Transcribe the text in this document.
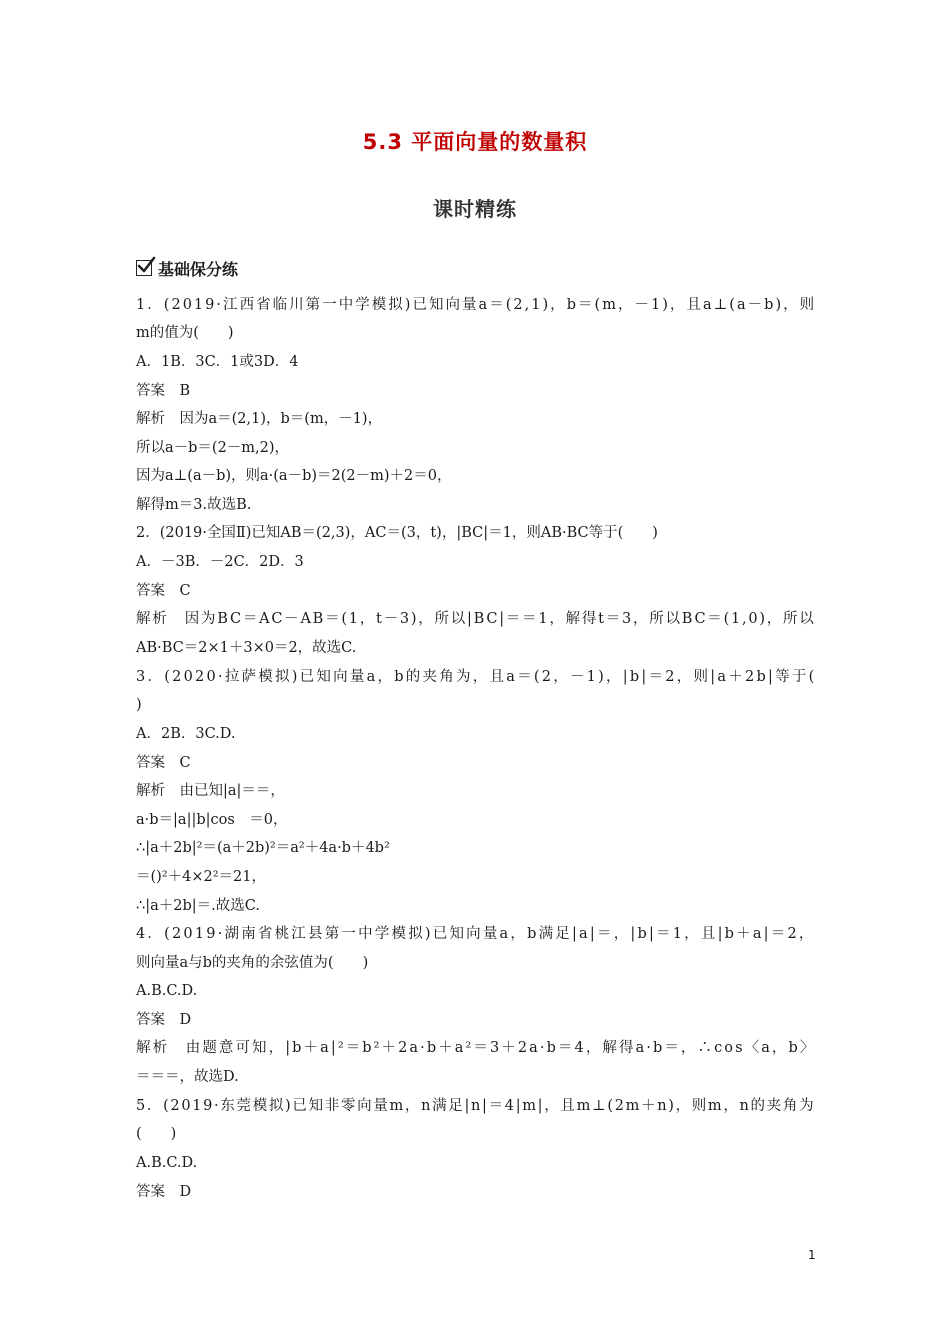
5.3 平面向量的数量积
课时精练
基础保分练
1．(2019·江西省临川第一中学模拟)已知向量a＝(2,1)，b＝(m，－1)，且a⊥(a－b)，则
m的值为(　　)
A．1B．3C．1或3D．4
答案　B
解析　因为a＝(2,1)，b＝(m，－1)，
所以a－b＝(2－m,2)，
因为a⊥(a－b)，则a·(a－b)＝2(2－m)＋2＝0，
解得m＝3.故选B.
2．(2019·全国Ⅱ)已知AB＝(2,3)，AC＝(3，t)，|BC|＝1，则AB·BC等于(　　)
A．－3B．－2C．2D．3
答案　C
解析　因为BC＝AC－AB＝(1，t－3)，所以|BC|＝＝1，解得t＝3，所以BC＝(1,0)，所以
AB·BC＝2×1＋3×0＝2，故选C.
3．(2020·拉萨模拟)已知向量a，b的夹角为，且a＝(2，－1)，|b|＝2，则|a＋2b|等于(
)
A．2B．3C.D.
答案　C
解析　由已知|a|＝＝，
a·b＝|a||b|cos　＝0，
∴|a＋2b|²＝(a＋2b)²＝a²＋4a·b＋4b²
＝()²＋4×2²＝21，
∴|a＋2b|＝.故选C.
4．(2019·湖南省桃江县第一中学模拟)已知向量a，b满足|a|＝，|b|＝1，且|b＋a|＝2，
则向量a与b的夹角的余弦值为(　　)
A.B.C.D.
答案　D
解析　由题意可知，|b＋a|²＝b²＋2a·b＋a²＝3＋2a·b＝4，解得a·b＝，∴cos〈a，b〉
＝＝＝，故选D.
5．(2019·东莞模拟)已知非零向量m，n满足|n|＝4|m|，且m⊥(2m＋n)，则m，n的夹角为
(　　)
A.B.C.D.
答案　D
1
